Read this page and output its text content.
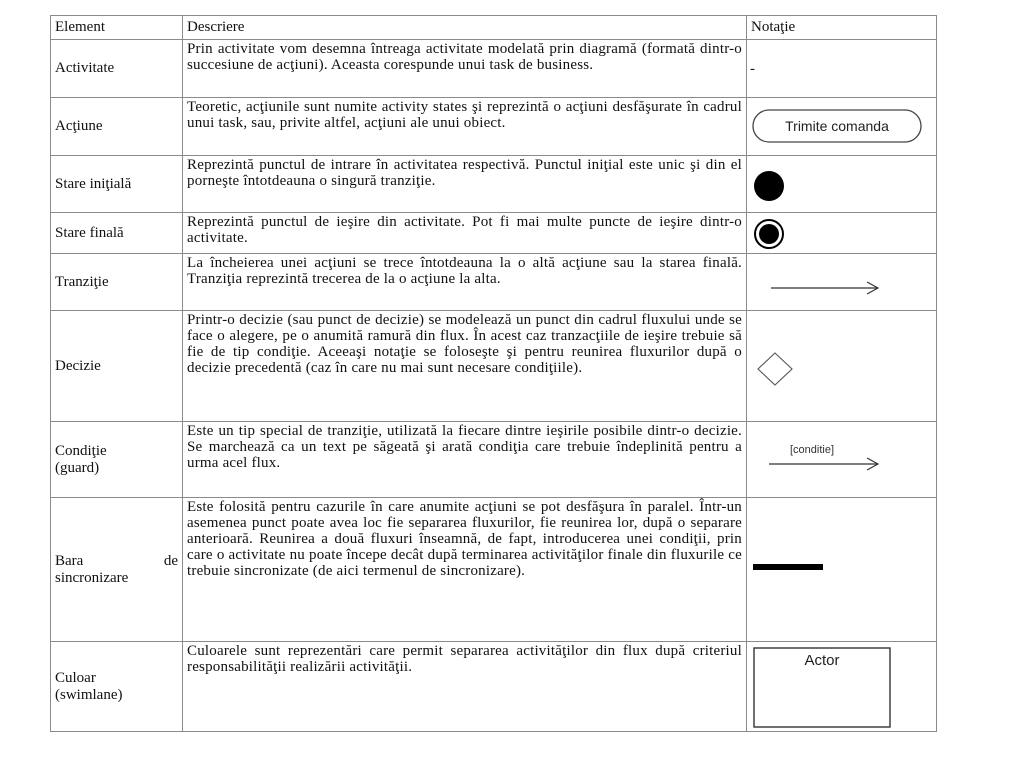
Element	Descriere	Notaţie
Activitate	Prin activitate vom desemna întreaga activitate modelată prin diagramă (formată dintr-o succesiune de acţiuni). Aceasta corespunde unui task de business.	-
Acţiune	Teoretic, acţiunile sunt numite activity states şi reprezintă o acţiuni desfăşurate în cadrul unui task, sau, privite altfel, acţiuni ale unui obiect.	Trimite comanda

Stare iniţială	Reprezintă punctul de intrare în activitatea respectivă. Punctul iniţial este unic şi din el porneşte întotdeauna o singură tranziţie.	

Stare finală	Reprezintă punctul de ieşire din activitate. Pot fi mai multe puncte de ieşire dintr-o activitate.	

Tranziţie	La încheierea unei acţiuni se trece întotdeauna la o altă acţiune sau la starea finală. Tranziţia reprezintă trecerea de la o acţiune la alta.	

Decizie	Printr-o decizie (sau punct de decizie) se modelează un punct din cadrul fluxului unde se face o alegere, pe o anumită ramură din flux. În acest caz tranzacţiile de ieşire trebuie să fie de tip condiţie. Aceeaşi notaţie se foloseşte şi pentru reunirea fluxurilor după o decizie precedentă (caz în care nu mai sunt necesare condiţiile).	

Condiţie
(guard)	Este un tip special de tranziţie, utilizată la fiecare dintre ieşirile posibile dintr-o decizie. Se marchează ca un text pe săgeată şi arată condiţia care trebuie îndeplinită pentru a urma acel flux.	[conditie]

Bara de
sincronizare	Este folosită pentru cazurile în care anumite acţiuni se pot desfăşura în paralel. Într-un asemenea punct poate avea loc fie separarea fluxurilor, fie reunirea lor, după o separare anterioară. Reunirea a două fluxuri înseamnă, de fapt, introducerea unei condiţii, prin care o activitate nu poate începe decât după terminarea activităţilor finale din fluxurile ce trebuie sincronizate (de aici termenul de sincronizare).	

Culoar
(swimlane)	Culoarele sunt reprezentări care permit separarea activităţilor din flux după criteriul responsabilităţii realizării activităţii.	Actor
